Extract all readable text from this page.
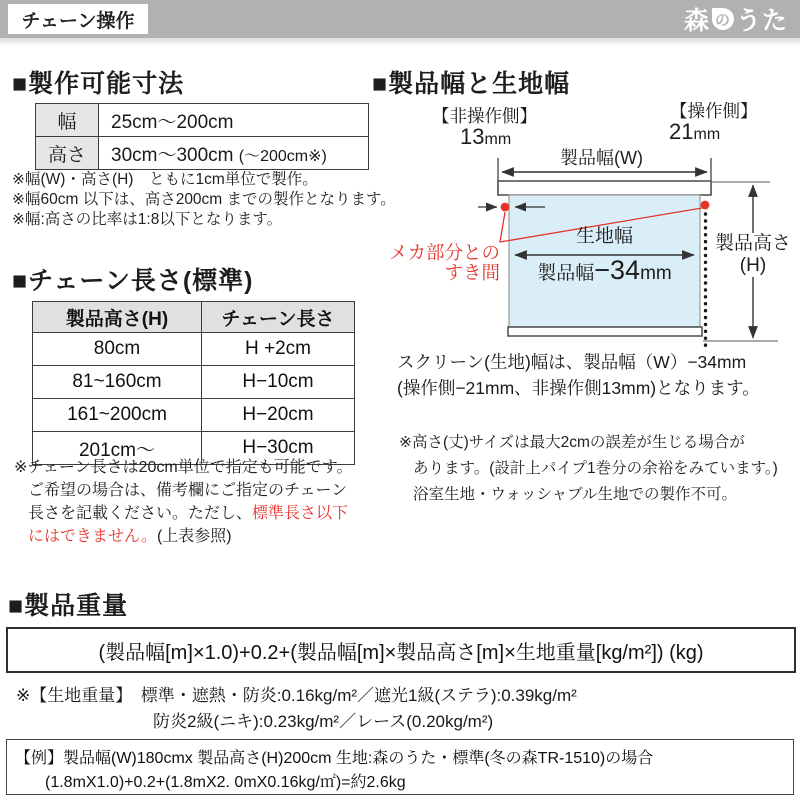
チェーン操作	森 の うた
■製作可能寸法
幅	25cm〜200cm
高さ	30cm〜300cm (〜200cm※)
※幅(W)・高さ(H)　ともに1cm単位で製作。
※幅60cm 以下は、高さ200cm までの製作となります。
※幅:高さの比率は1:8以下となります。
■チェーン長さ(標準)
製品高さ(H)	チェーン長さ
80cm	H +2cm
81~160cm	H−10cm
161~200cm	H−20cm
201cm〜	H−30cm
※チェーン長さは20cm単位で指定も可能です。
ご希望の場合は、備考欄にご指定のチェーン
長さを記載ください。ただし、標準長さ以下
にはできません。(上表参照)
■製品幅と生地幅
【非操作側】
13mm
【操作側】
21mm
製品幅(W)
生地幅
製品幅−34mm
メカ部分との
すき間
製品高さ
(H)
スクリーン(生地)幅は、製品幅（W）−34mm
(操作側−21mm、非操作側13mm)となります。
※高さ(丈)サイズは最大2cmの誤差が生じる場合が
あります。(設計上パイプ1巻分の余裕をみています。)
浴室生地・ウォッシャブル生地での製作不可。
■製品重量
(製品幅[m]×1.0)+0.2+(製品幅[m]×製品高さ[m]×生地重量[kg/m²]) (kg)
※【生地重量】　 標準・遮熱・防炎:0.16kg/m²／遮光1級(ステラ):0.39kg/m²
防炎2級(ニキ):0.23kg/m²／レース(0.20kg/m²)
【例】製品幅(W)180cmx 製品高さ(H)200cm 生地:森のうた・標準(冬の森TR-1510)の場合
(1.8mX1.0)+0.2+(1.8mX2. 0mX0.16kg/㎡)=約2.6kg
